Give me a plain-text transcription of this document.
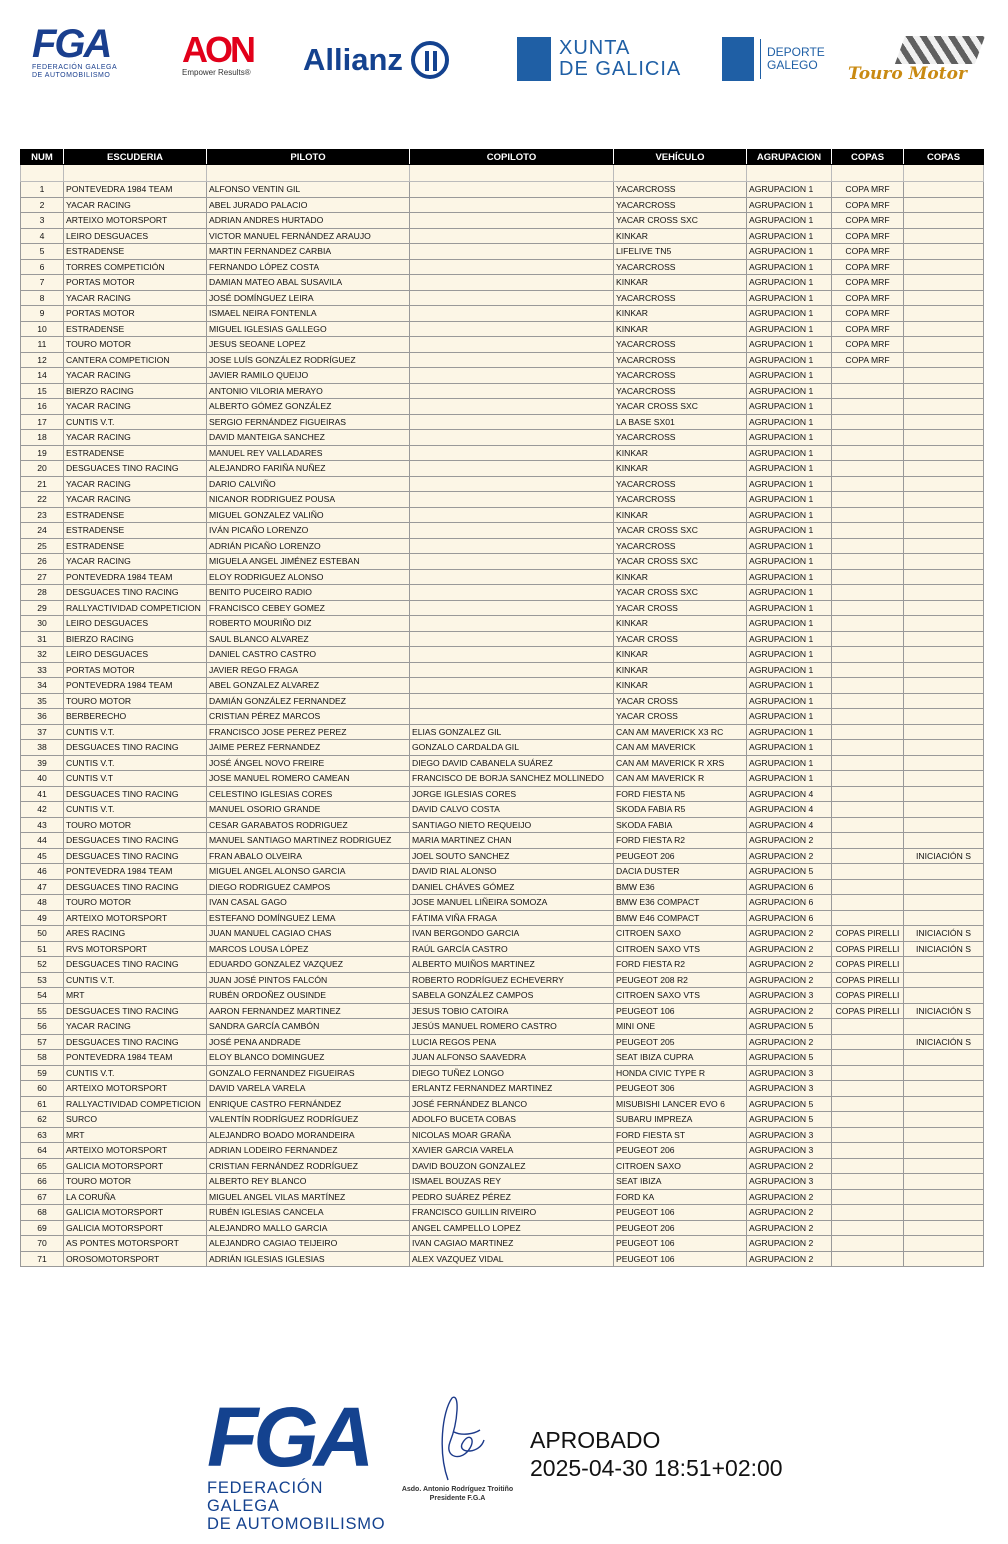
FGA
FEDERACIÓN GALEGA
DE AUTOMOBILISMO
AON
Empower Results®	Allianz	XUNTA
DE GALICIA
DEPORTE
GALEGO	Touro Motor
NUM	ESCUDERIA	PILOTO	COPILOTO	VEHÍCULO	AGRUPACION	COPAS	COPAS

1	PONTEVEDRA 1984 TEAM	ALFONSO VENTIN GIL		YACARCROSS	AGRUPACION 1	COPA MRF	
2	YACAR RACING	ABEL JURADO PALACIO		YACARCROSS	AGRUPACION 1	COPA MRF	
3	ARTEIXO MOTORSPORT	ADRIAN ANDRES HURTADO		YACAR CROSS SXC	AGRUPACION 1	COPA MRF	
4	LEIRO DESGUACES	VICTOR MANUEL FERNÁNDEZ ARAUJO		KINKAR	AGRUPACION 1	COPA MRF	
5	ESTRADENSE	MARTIN FERNANDEZ CARBIA		LIFELIVE TN5	AGRUPACION 1	COPA MRF	
6	TORRES COMPETICIÓN	FERNANDO LÓPEZ COSTA		YACARCROSS	AGRUPACION 1	COPA MRF	
7	PORTAS MOTOR	DAMIAN MATEO ABAL SUSAVILA		KINKAR	AGRUPACION 1	COPA MRF	
8	YACAR RACING	JOSÉ DOMÍNGUEZ LEIRA		YACARCROSS	AGRUPACION 1	COPA MRF	
9	PORTAS MOTOR	ISMAEL NEIRA FONTENLA		KINKAR	AGRUPACION 1	COPA MRF	
10	ESTRADENSE	MIGUEL IGLESIAS GALLEGO		KINKAR	AGRUPACION 1	COPA MRF	
11	TOURO MOTOR	JESUS SEOANE LOPEZ		YACARCROSS	AGRUPACION 1	COPA MRF	
12	CANTERA COMPETICION	JOSE LUÍS GONZÁLEZ RODRÍGUEZ		YACARCROSS	AGRUPACION 1	COPA MRF	
14	YACAR RACING	JAVIER RAMILO QUEIJO		YACARCROSS	AGRUPACION 1		
15	BIERZO RACING	ANTONIO VILORIA MERAYO		YACARCROSS	AGRUPACION 1		
16	YACAR RACING	ALBERTO GÓMEZ GONZÁLEZ		YACAR CROSS SXC	AGRUPACION 1		
17	CUNTIS V.T.	SERGIO FERNÁNDEZ FIGUEIRAS		LA BASE SX01	AGRUPACION 1		
18	YACAR RACING	DAVID MANTEIGA SANCHEZ		YACARCROSS	AGRUPACION 1		
19	ESTRADENSE	MANUEL REY VALLADARES		KINKAR	AGRUPACION 1		
20	DESGUACES TINO RACING	ALEJANDRO FARIÑA NUÑEZ		KINKAR	AGRUPACION 1		
21	YACAR RACING	DARIO CALVIÑO		YACARCROSS	AGRUPACION 1		
22	YACAR RACING	NICANOR RODRIGUEZ POUSA		YACARCROSS	AGRUPACION 1		
23	ESTRADENSE	MIGUEL GONZALEZ VALIÑO		KINKAR	AGRUPACION 1		
24	ESTRADENSE	IVÁN PICAÑO LORENZO		YACAR CROSS SXC	AGRUPACION 1		
25	ESTRADENSE	ADRIÁN PICAÑO LORENZO		YACARCROSS	AGRUPACION 1		
26	YACAR RACING	MIGUELA ANGEL JIMÉNEZ ESTEBAN		YACAR CROSS SXC	AGRUPACION 1		
27	PONTEVEDRA 1984 TEAM	ELOY RODRIGUEZ ALONSO		KINKAR	AGRUPACION 1		
28	DESGUACES TINO RACING	BENITO PUCEIRO RADIO		YACAR CROSS SXC	AGRUPACION 1		
29	RALLYACTIVIDAD COMPETICION	FRANCISCO CEBEY GOMEZ		YACAR CROSS	AGRUPACION 1		
30	LEIRO DESGUACES	ROBERTO MOURIÑO DIZ		KINKAR	AGRUPACION 1		
31	BIERZO RACING	SAUL BLANCO ALVAREZ		YACAR CROSS	AGRUPACION 1		
32	LEIRO DESGUACES	DANIEL CASTRO CASTRO		KINKAR	AGRUPACION 1		
33	PORTAS MOTOR	JAVIER REGO FRAGA		KINKAR	AGRUPACION 1		
34	PONTEVEDRA 1984 TEAM	ABEL GONZALEZ ALVAREZ		KINKAR	AGRUPACION 1		
35	TOURO MOTOR	DAMIÁN GONZÁLEZ FERNANDEZ		YACAR CROSS	AGRUPACION 1		
36	BERBERECHO	CRISTIAN PÉREZ MARCOS		YACAR CROSS	AGRUPACION 1		
37	CUNTIS V.T.	FRANCISCO JOSE PEREZ PEREZ	ELIAS GONZALEZ GIL	CAN AM MAVERICK X3 RC	AGRUPACION 1		
38	DESGUACES TINO RACING	JAIME PEREZ FERNANDEZ	GONZALO CARDALDA GIL	CAN AM MAVERICK	AGRUPACION 1		
39	CUNTIS V.T.	JOSÉ ÁNGEL NOVO FREIRE	DIEGO DAVID CABANELA SUÁREZ	CAN AM MAVERICK R XRS	AGRUPACION 1		
40	CUNTIS V.T	JOSE MANUEL ROMERO CAMEAN	FRANCISCO DE BORJA SANCHEZ MOLLINEDO	CAN AM MAVERICK R	AGRUPACION 1		
41	DESGUACES TINO RACING	CELESTINO IGLESIAS CORES	JORGE IGLESIAS CORES	FORD FIESTA N5	AGRUPACION 4		
42	CUNTIS V.T.	MANUEL OSORIO GRANDE	DAVID CALVO COSTA	SKODA FABIA R5	AGRUPACION 4		
43	TOURO MOTOR	CESAR GARABATOS RODRIGUEZ	SANTIAGO NIETO REQUEIJO	SKODA FABIA	AGRUPACION 4		
44	DESGUACES TINO RACING	MANUEL SANTIAGO MARTINEZ RODRIGUEZ	MARIA MARTINEZ CHAN	FORD FIESTA R2	AGRUPACION 2		
45	DESGUACES TINO RACING	FRAN ABALO OLVEIRA	JOEL SOUTO SANCHEZ	PEUGEOT 206	AGRUPACION 2		INICIACIÓN S
46	PONTEVEDRA 1984 TEAM	MIGUEL ANGEL ALONSO GARCIA	DAVID RIAL ALONSO	DACIA DUSTER	AGRUPACION 5		
47	DESGUACES TINO RACING	DIEGO RODRIGUEZ CAMPOS	DANIEL CHÁVES GÓMEZ	BMW E36	AGRUPACION 6		
48	TOURO MOTOR	IVAN CASAL GAGO	JOSE MANUEL LIÑEIRA SOMOZA	BMW E36 COMPACT	AGRUPACION 6		
49	ARTEIXO MOTORSPORT	ESTEFANO DOMÍNGUEZ LEMA	FÁTIMA VIÑA FRAGA	BMW E46 COMPACT	AGRUPACION 6		
50	ARES RACING	JUAN MANUEL CAGIAO CHAS	IVAN BERGONDO GARCIA	CITROEN SAXO	AGRUPACION 2	COPAS PIRELLI	INICIACIÓN S
51	RVS MOTORSPORT	MARCOS LOUSA LÓPEZ	RAÚL GARCÍA CASTRO	CITROEN SAXO VTS	AGRUPACION 2	COPAS PIRELLI	INICIACIÓN S
52	DESGUACES TINO RACING	EDUARDO GONZALEZ VAZQUEZ	ALBERTO MUIÑOS MARTINEZ	FORD FIESTA R2	AGRUPACION 2	COPAS PIRELLI	
53	CUNTIS V.T.	JUAN JOSÉ PINTOS FALCÓN	ROBERTO RODRÍGUEZ ECHEVERRY	PEUGEOT 208 R2	AGRUPACION 2	COPAS PIRELLI	
54	MRT	RUBÉN ORDOÑEZ OUSINDE	SABELA GONZÁLEZ CAMPOS	CITROEN SAXO VTS	AGRUPACION 3	COPAS PIRELLI	
55	DESGUACES TINO RACING	AARON FERNANDEZ MARTINEZ	JESUS TOBIO CATOIRA	PEUGEOT 106	AGRUPACION 2	COPAS PIRELLI	INICIACIÓN S
56	YACAR RACING	SANDRA GARCÍA CAMBÓN	JESÚS MANUEL ROMERO CASTRO	MINI ONE	AGRUPACION 5		
57	DESGUACES TINO RACING	JOSÉ PENA ANDRADE	LUCIA REGOS PENA	PEUGEOT 205	AGRUPACION 2		INICIACIÓN S
58	PONTEVEDRA 1984 TEAM	ELOY BLANCO DOMINGUEZ	JUAN ALFONSO SAAVEDRA	SEAT IBIZA CUPRA	AGRUPACION 5		
59	CUNTIS V.T.	GONZALO FERNANDEZ FIGUEIRAS	DIEGO TUÑEZ LONGO	HONDA CIVIC TYPE R	AGRUPACION 3		
60	ARTEIXO MOTORSPORT	DAVID VARELA VARELA	ERLANTZ FERNANDEZ MARTINEZ	PEUGEOT 306	AGRUPACION 3		
61	RALLYACTIVIDAD COMPETICION	ENRIQUE CASTRO FERNÁNDEZ	JOSÉ FERNÁNDEZ BLANCO	MISUBISHI LANCER EVO 6	AGRUPACION 5		
62	SURCO	VALENTÍN RODRÍGUEZ RODRÍGUEZ	ADOLFO BUCETA COBAS	SUBARU IMPREZA	AGRUPACION 5		
63	MRT	ALEJANDRO BOADO MORANDEIRA	NICOLAS MOAR GRAÑA	FORD FIESTA ST	AGRUPACION 3		
64	ARTEIXO MOTORSPORT	ADRIAN LODEIRO FERNANDEZ	XAVIER GARCIA VARELA	PEUGEOT 206	AGRUPACION 3		
65	GALICIA MOTORSPORT	CRISTIAN FERNÁNDEZ RODRÍGUEZ	DAVID BOUZON GONZALEZ	CITROEN SAXO	AGRUPACION 2		
66	TOURO MOTOR	ALBERTO REY BLANCO	ISMAEL BOUZAS REY	SEAT IBIZA	AGRUPACION 3		
67	LA CORUÑA	MIGUEL ANGEL VILAS MARTÍNEZ	PEDRO SUÁREZ PÉREZ	FORD KA	AGRUPACION 2		
68	GALICIA MOTORSPORT	RUBÉN IGLESIAS CANCELA	FRANCISCO GUILLIN RIVEIRO	PEUGEOT 106	AGRUPACION 2		
69	GALICIA MOTORSPORT	ALEJANDRO MALLO GARCIA	ANGEL CAMPELLO LOPEZ	PEUGEOT 206	AGRUPACION 2		
70	AS PONTES MOTORSPORT	ALEJANDRO CAGIAO TEIJEIRO	IVAN CAGIAO MARTINEZ	PEUGEOT 106	AGRUPACION 2		
71	OROSOMOTORSPORT	ADRIÁN IGLESIAS IGLESIAS	ALEX VAZQUEZ VIDAL	PEUGEOT 106	AGRUPACION 2		
FGA
FEDERACIÓN GALEGA
DE AUTOMOBILISMO
Asdo. Antonio Rodríguez Troitiño
Presidente F.G.A
APROBADO
2025-04-30 18:51+02:00
